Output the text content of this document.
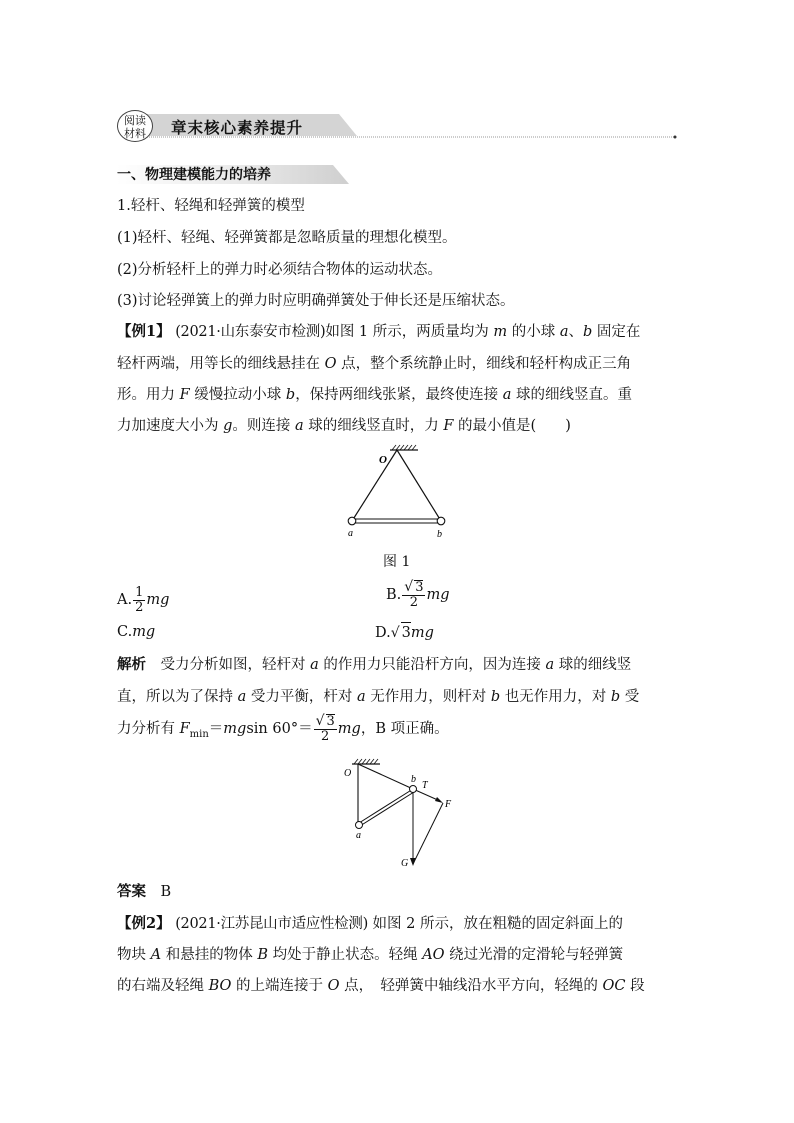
阅读
材料	章末核心素养提升
一、物理建模能力的培养
1.轻杆、轻绳和轻弹簧的模型
(1)轻杆、轻绳、轻弹簧都是忽略质量的理想化模型。
(2)分析轻杆上的弹力时必须结合物体的运动状态。
(3)讨论轻弹簧上的弹力时应明确弹簧处于伸长还是压缩状态。
【例1】 (2021·山东泰安市检测)如图 1 所示，两质量均为 m 的小球 a、b 固定在
轻杆两端，用等长的细线悬挂在 O 点，整个系统静止时，细线和轻杆构成正三角
形。用力 F 缓慢拉动小球 b，保持两细线张紧，最终使连接 a 球的细线竖直。重
力加速度大小为 g。则连接 a 球的细线竖直时，力 F 的最小值是(　　)
O
a	b
图 1
A. $\frac{1}{2}$ mg	B. $\frac{√ 3}{2}$ mg
C.mg	D.√ 3mg
解析　 受力分析如图，轻杆对 a 的作用力只能沿杆方向，因为连接 a 球的细线竖
直，所以为了保持 a 受力平衡，杆对 a 无作用力，则杆对 b 也无作用力，对 b 受
力分析有 $F_{min}=mgsin$ $60^\circ= \frac{√ 3}{2}$ mg，B 项正确。
O
a
b
T
F
G
答案　 B
【例2】 (2021·江苏昆山市适应性检测) 如图 2 所示，放在粗糙的固定斜面上的
物块 A 和悬挂的物体 B 均处于静止状态。轻绳 AO 绕过光滑的定滑轮与轻弹簧
的右端及轻绳 BO 的上端连接于 O 点，　轻弹簧中轴线沿水平方向，轻绳的 OC 段
